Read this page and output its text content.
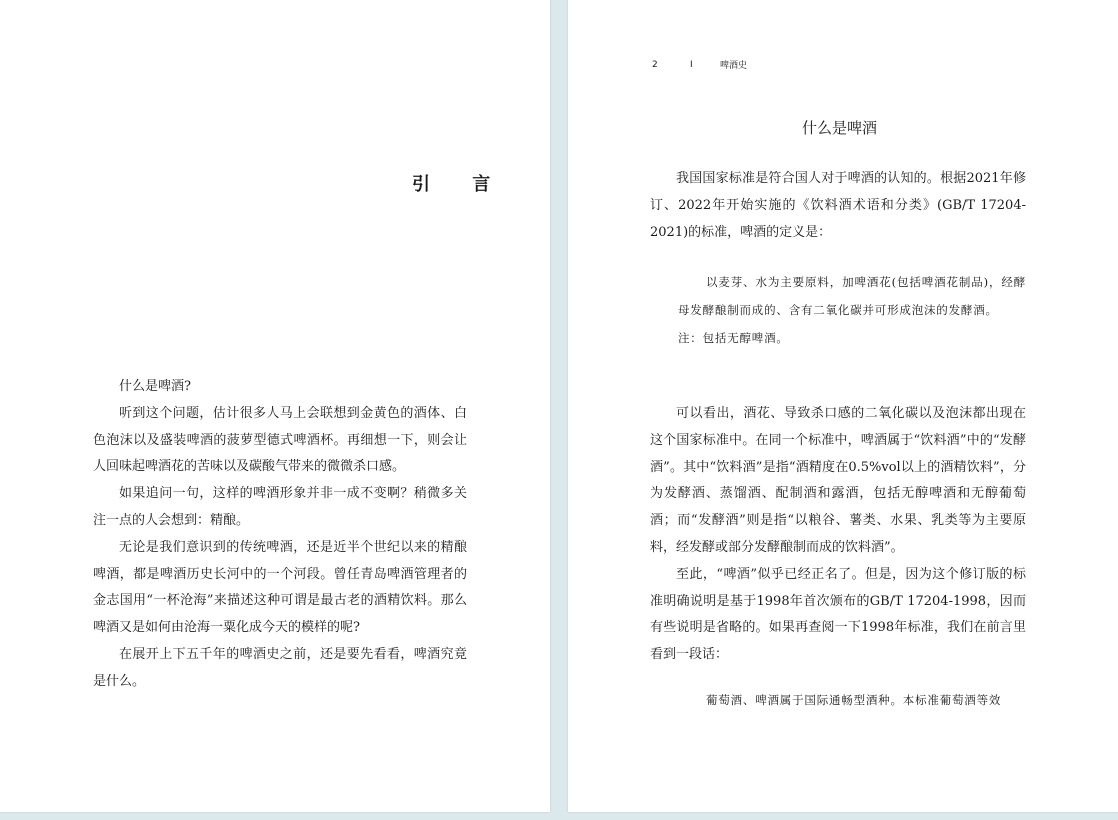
引 言

什么是啤酒?

听到这个问题，估计很多人马上会联想到金黄色的酒体、白色泡沫以及盛装啤酒的菠萝型德式啤酒杯。再细想一下，则会让人回味起啤酒花的苦味以及碳酸气带来的微微杀口感。

如果追问一句，这样的啤酒形象并非一成不变啊？稍微多关注一点的人会想到：精酿。

无论是我们意识到的传统啤酒，还是近半个世纪以来的精酿啤酒，都是啤酒历史长河中的一个河段。曾任青岛啤酒管理者的金志国用“一杯沧海”来描述这种可谓是最古老的酒精饮料。那么啤酒又是如何由沧海一粟化成今天的模样的呢?

在展开上下五千年的啤酒史之前，还是要先看看，啤酒究竟是什么。

2	I	啤酒史
什么是啤酒

我国国家标准是符合国人对于啤酒的认知的。根据2021年修订、2022年开始实施的《饮料酒术语和分类》(GB/T 17204-2021)的标准，啤酒的定义是：

以麦芽、水为主要原料，加啤酒花(包括啤酒花制品)，经酵母发酵酿制而成的、含有二氧化碳并可形成泡沫的发酵酒。

注：包括无醇啤酒。

可以看出，酒花、导致杀口感的二氧化碳以及泡沫都出现在这个国家标准中。在同一个标准中，啤酒属于“饮料酒”中的“发酵酒”。其中“饮料酒”是指“酒精度在0.5%vol以上的酒精饮料”，分为发酵酒、蒸馏酒、配制酒和露酒，包括无醇啤酒和无醇葡萄酒；而“发酵酒”则是指“以粮谷、薯类、水果、乳类等为主要原料，经发酵或部分发酵酿制而成的饮料酒”。

至此，“啤酒”似乎已经正名了。但是，因为这个修订版的标准明确说明是基于1998年首次颁布的GB/T 17204-1998，因而有些说明是省略的。如果再查阅一下1998年标准，我们在前言里看到一段话：

葡萄酒、啤酒属于国际通畅型酒种。本标准葡萄酒等效
